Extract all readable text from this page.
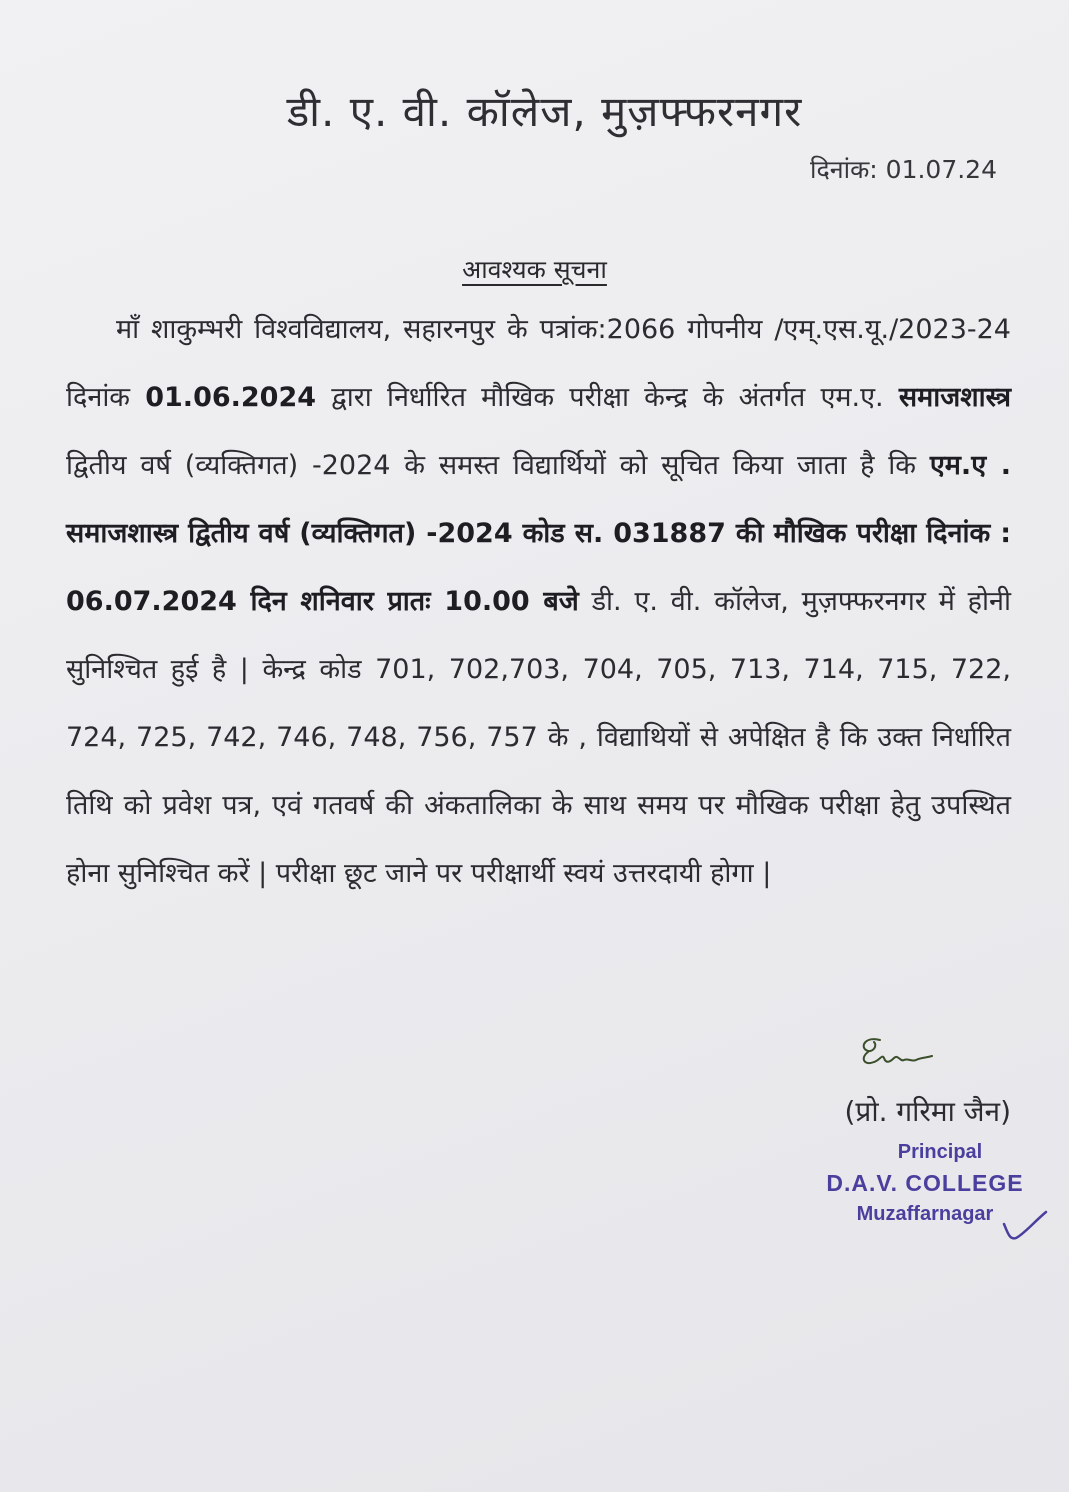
डी. ए. वी. कॉलेज, मुज़फ्फरनगर
दिनांक: 01.07.24
आवश्यक सूचना
माँ शाकुम्भरी विश्वविद्यालय, सहारनपुर के पत्रांक:2066 गोपनीय /एम्.एस.यू./2023-24 दिनांक 01.06.2024 द्वारा निर्धारित मौखिक परीक्षा केन्द्र के अंतर्गत एम.ए. समाजशास्त्र द्वितीय वर्ष (व्यक्तिगत) -2024 के समस्त विद्यार्थियों को सूचित किया जाता है कि एम.ए . समाजशास्त्र द्वितीय वर्ष (व्यक्तिगत) -2024 कोड स. 031887 की मौखिक परीक्षा दिनांक : 06.07.2024 दिन शनिवार प्रातः 10.00 बजे डी. ए. वी. कॉलेज, मुज़फ्फरनगर में होनी सुनिश्चित हुई है | केन्द्र कोड 701, 702,703, 704, 705, 713, 714, 715, 722, 724, 725, 742, 746, 748, 756, 757 के , विद्याथियों से अपेक्षित है कि उक्त निर्धारित तिथि को प्रवेश पत्र, एवं गतवर्ष की अंकतालिका के साथ समय पर मौखिक परीक्षा हेतु उपस्थित होना सुनिश्चित करें | परीक्षा छूट जाने पर परीक्षार्थी स्वयं उत्तरदायी होगा |
(प्रो. गरिमा जैन)
Principal
D.A.V. COLLEGE
Muzaffarnagar
